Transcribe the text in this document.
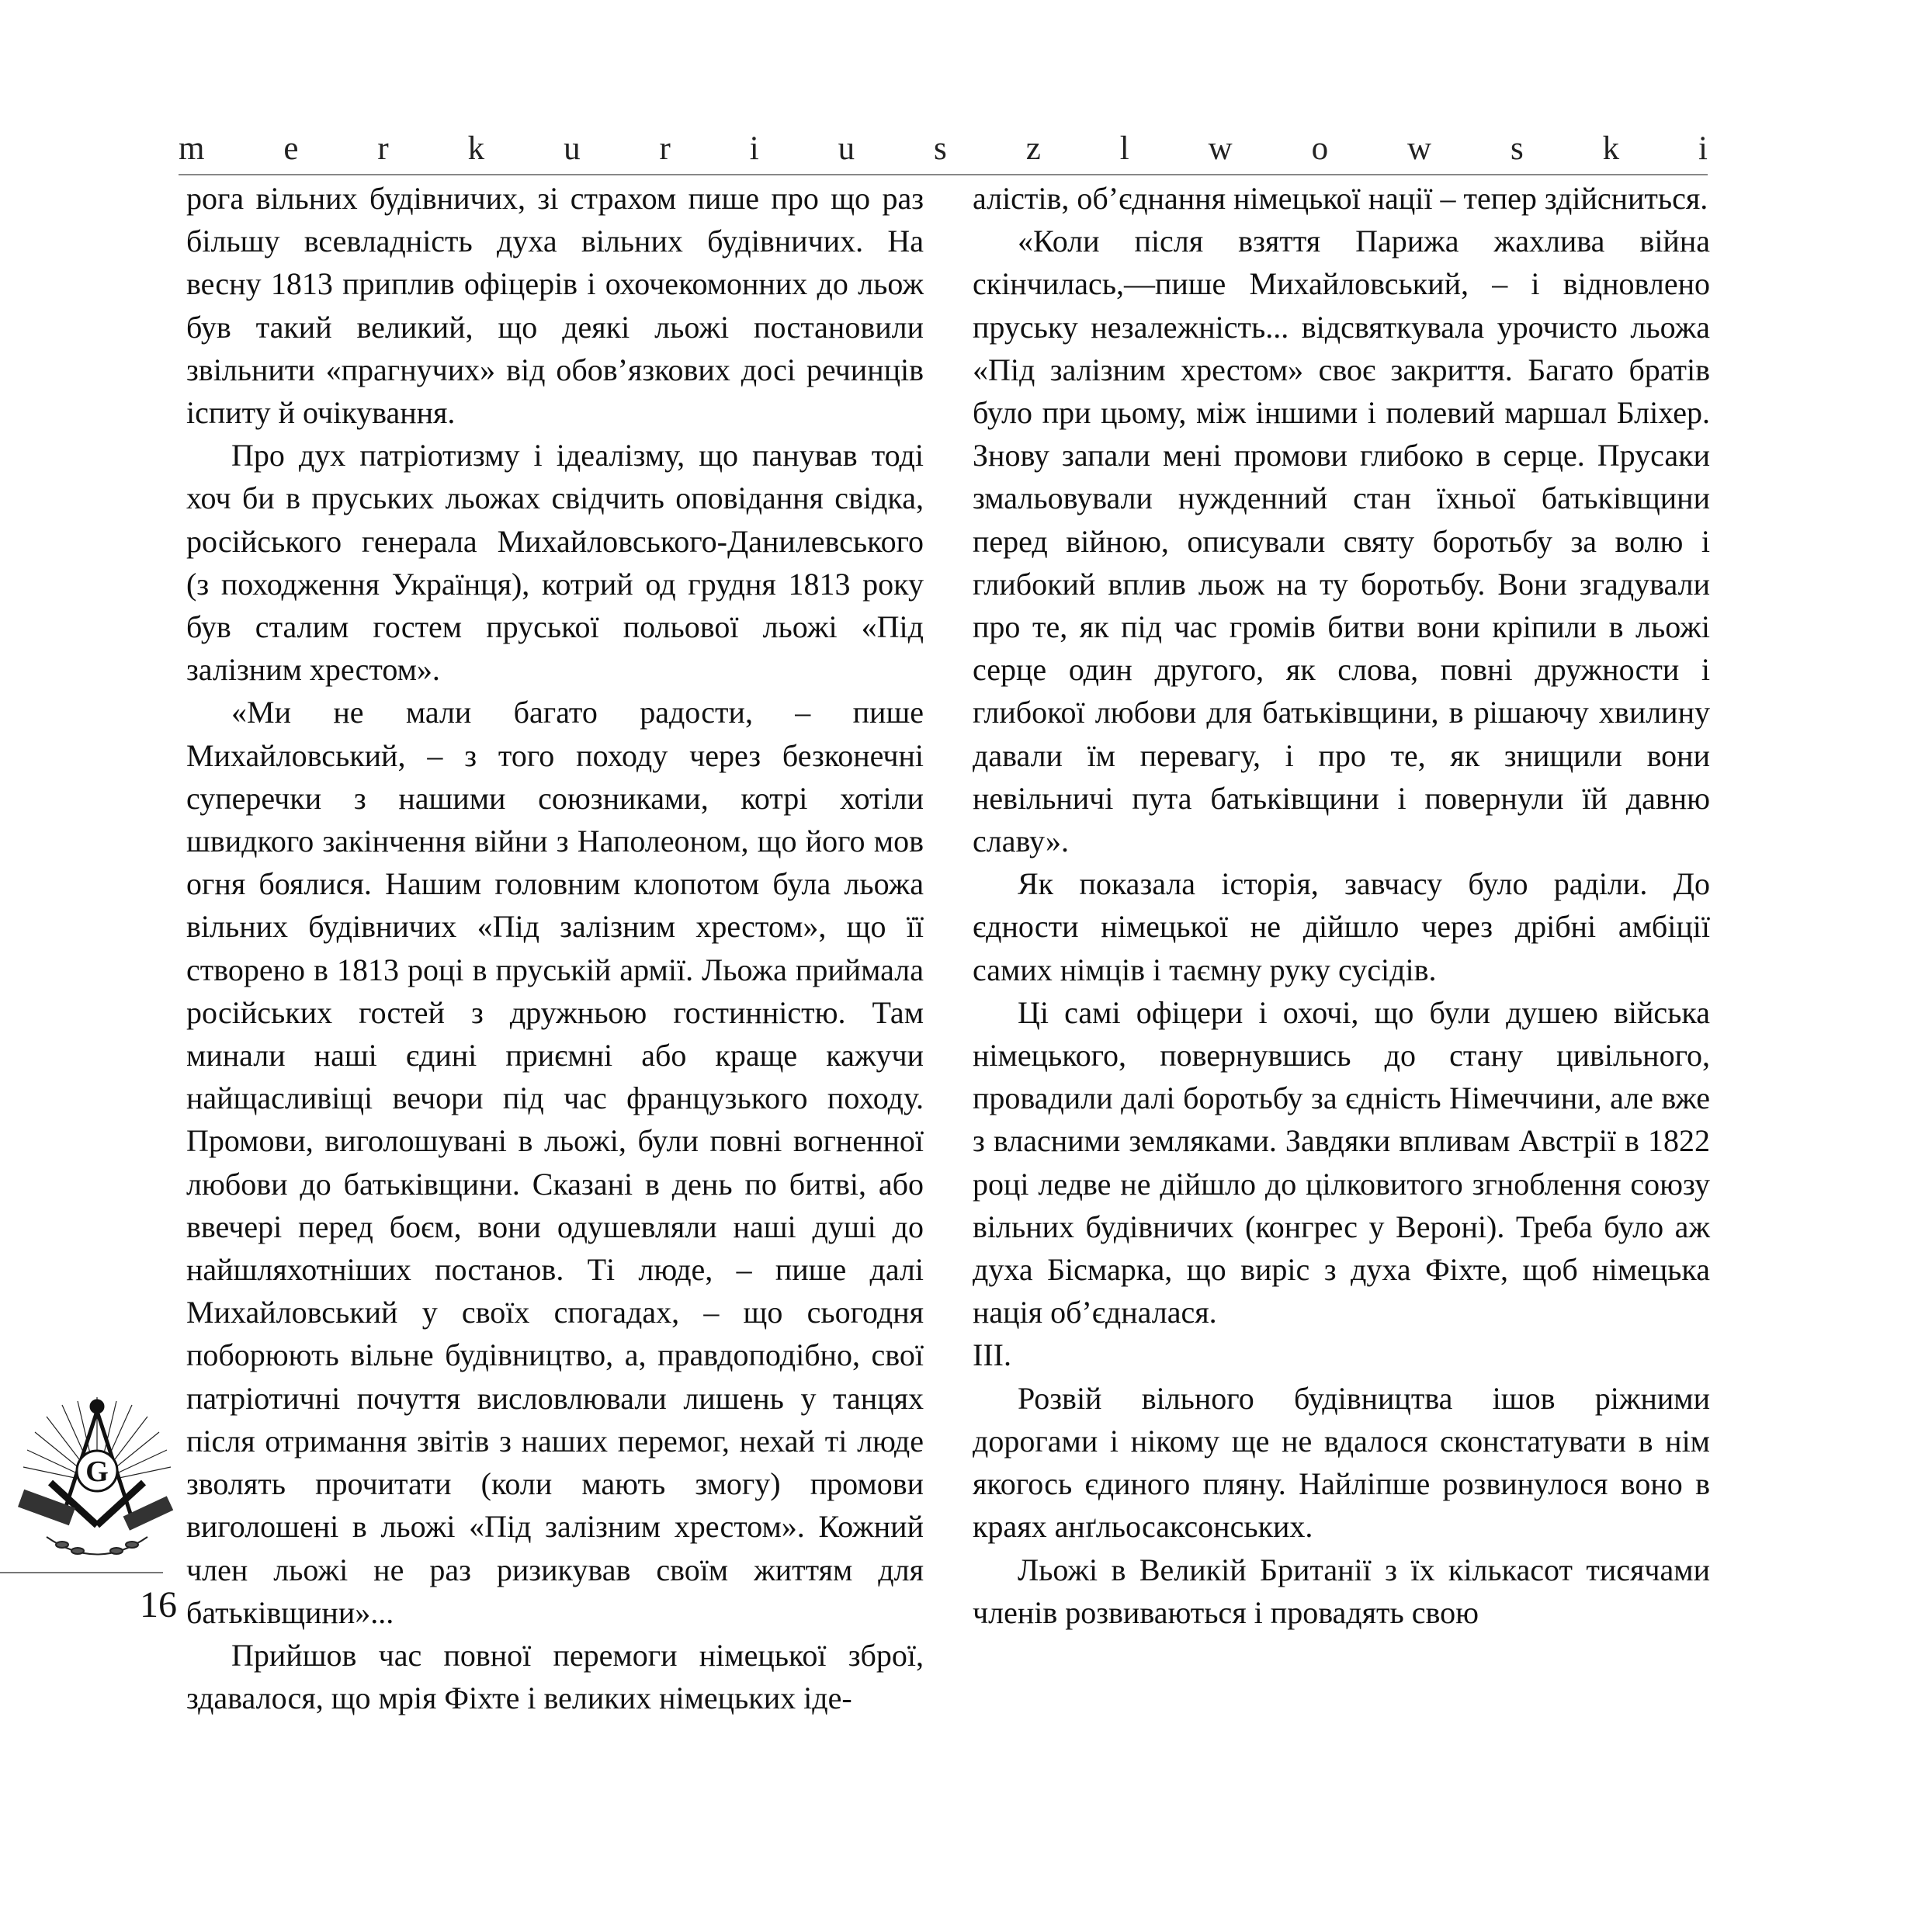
m e r k u r i u s z l w o w s k i

рога вільних будівничих, зі страхом пише про що раз більшу всевладність духа вільних будівничих. На весну 1813 приплив офіцерів і охочекомонних до льож був такий великий, що деякі льожі постановили звільнити «прагнучих» від обов’язкових досі речинців іспиту й очікування.

Про дух патріотизму і ідеалізму, що панував тоді хоч би в пруських льожах свідчить оповідання свідка, російського генерала Михайловського-Данилевського (з походження Українця), котрий од грудня 1813 року був сталим гостем пруської польової льожі «Під залізним хрестом».

«Ми не мали багато радости, – пише Михайловський, – з того походу через безконечні суперечки з нашими союзниками, котрі хотіли швидкого закінчення війни з Наполеоном, що його мов огня боялися. Нашим головним клопотом була льожа вільних будівничих «Під залізним хрестом», що її створено в 1813 році в пруській армії. Льожа приймала російських гостей з дружньою гостинністю. Там минали наші єдині приємні або краще кажучи найщасливіщі вечори під час французького походу. Промови, виголошувані в льожі, були повні вогненної любови до батьківщини. Сказані в день по битві, або ввечері перед боєм, вони одушевляли наші душі до найшляхотніших постанов. Ті люде, – пише далі Михайловський у своїх спогадах, – що сьогодня поборюють вільне будівництво, а, правдоподібно, свої патріотичні почуття висловлювали лишень у танцях після отримання звітів з наших перемог, нехай ті люде зволять прочитати (коли мають змогу) промови виголошені в льожі «Під залізним хрестом». Кожний член льожі не раз ризикував своїм життям для батьківщини»...

Прийшов час повної перемоги німецької зброї, здавалося, що мрія Фіхте і великих німецьких іде-

алістів, об’єднання німецької нації – тепер здійсниться.

«Коли після взяття Парижа жахлива війна скінчилась,—пише Михайловський, – і відновлено пруську незалежність... відсвяткувала урочисто льожа «Під залізним хрестом» своє закриття. Багато братів було при цьому, між іншими і полевий маршал Бліхер. Знову запали мені промови глибоко в серце. Прусаки змальовували нужденний стан їхньої батьківщини перед війною, описували святу боротьбу за волю і глибокий вплив льож на ту боротьбу. Вони згадували про те, як під час громів битви вони кріпили в льожі серце один другого, як слова, повні дружности і глибокої любови для батьківщини, в рішаючу хвилину давали їм перевагу, і про те, як знищили вони невільничі пута батьківщини і повернули їй давню славу».

Як показала історія, завчасу було раділи. До єдности німецької не дійшло через дрібні амбіції самих німців і таємну руку сусідів.

Ці самі офіцери і охочі, що були душею війська німецького, повернувшись до стану цивільного, провадили далі боротьбу за єдність Німеччини, але вже з власними земляками. Завдяки впливам Австрії в 1822 році ледве не дійшло до цілковитого згноблення союзу вільних будівничих (конгрес у Вероні). Треба було аж духа Бісмарка, що виріс з духа Фіхте, щоб німецька нація об’єдналася.

III.

Розвій вільного будівництва ішов ріжними дорогами і нікому ще не вдалося сконстатувати в нім якогось єдиного пляну. Найліпше розвинулося воно в краях анґльосаксонських.

Льожі в Великій Британії з їх кількасот тисячами членів розвиваються і провадять свою

G
16
